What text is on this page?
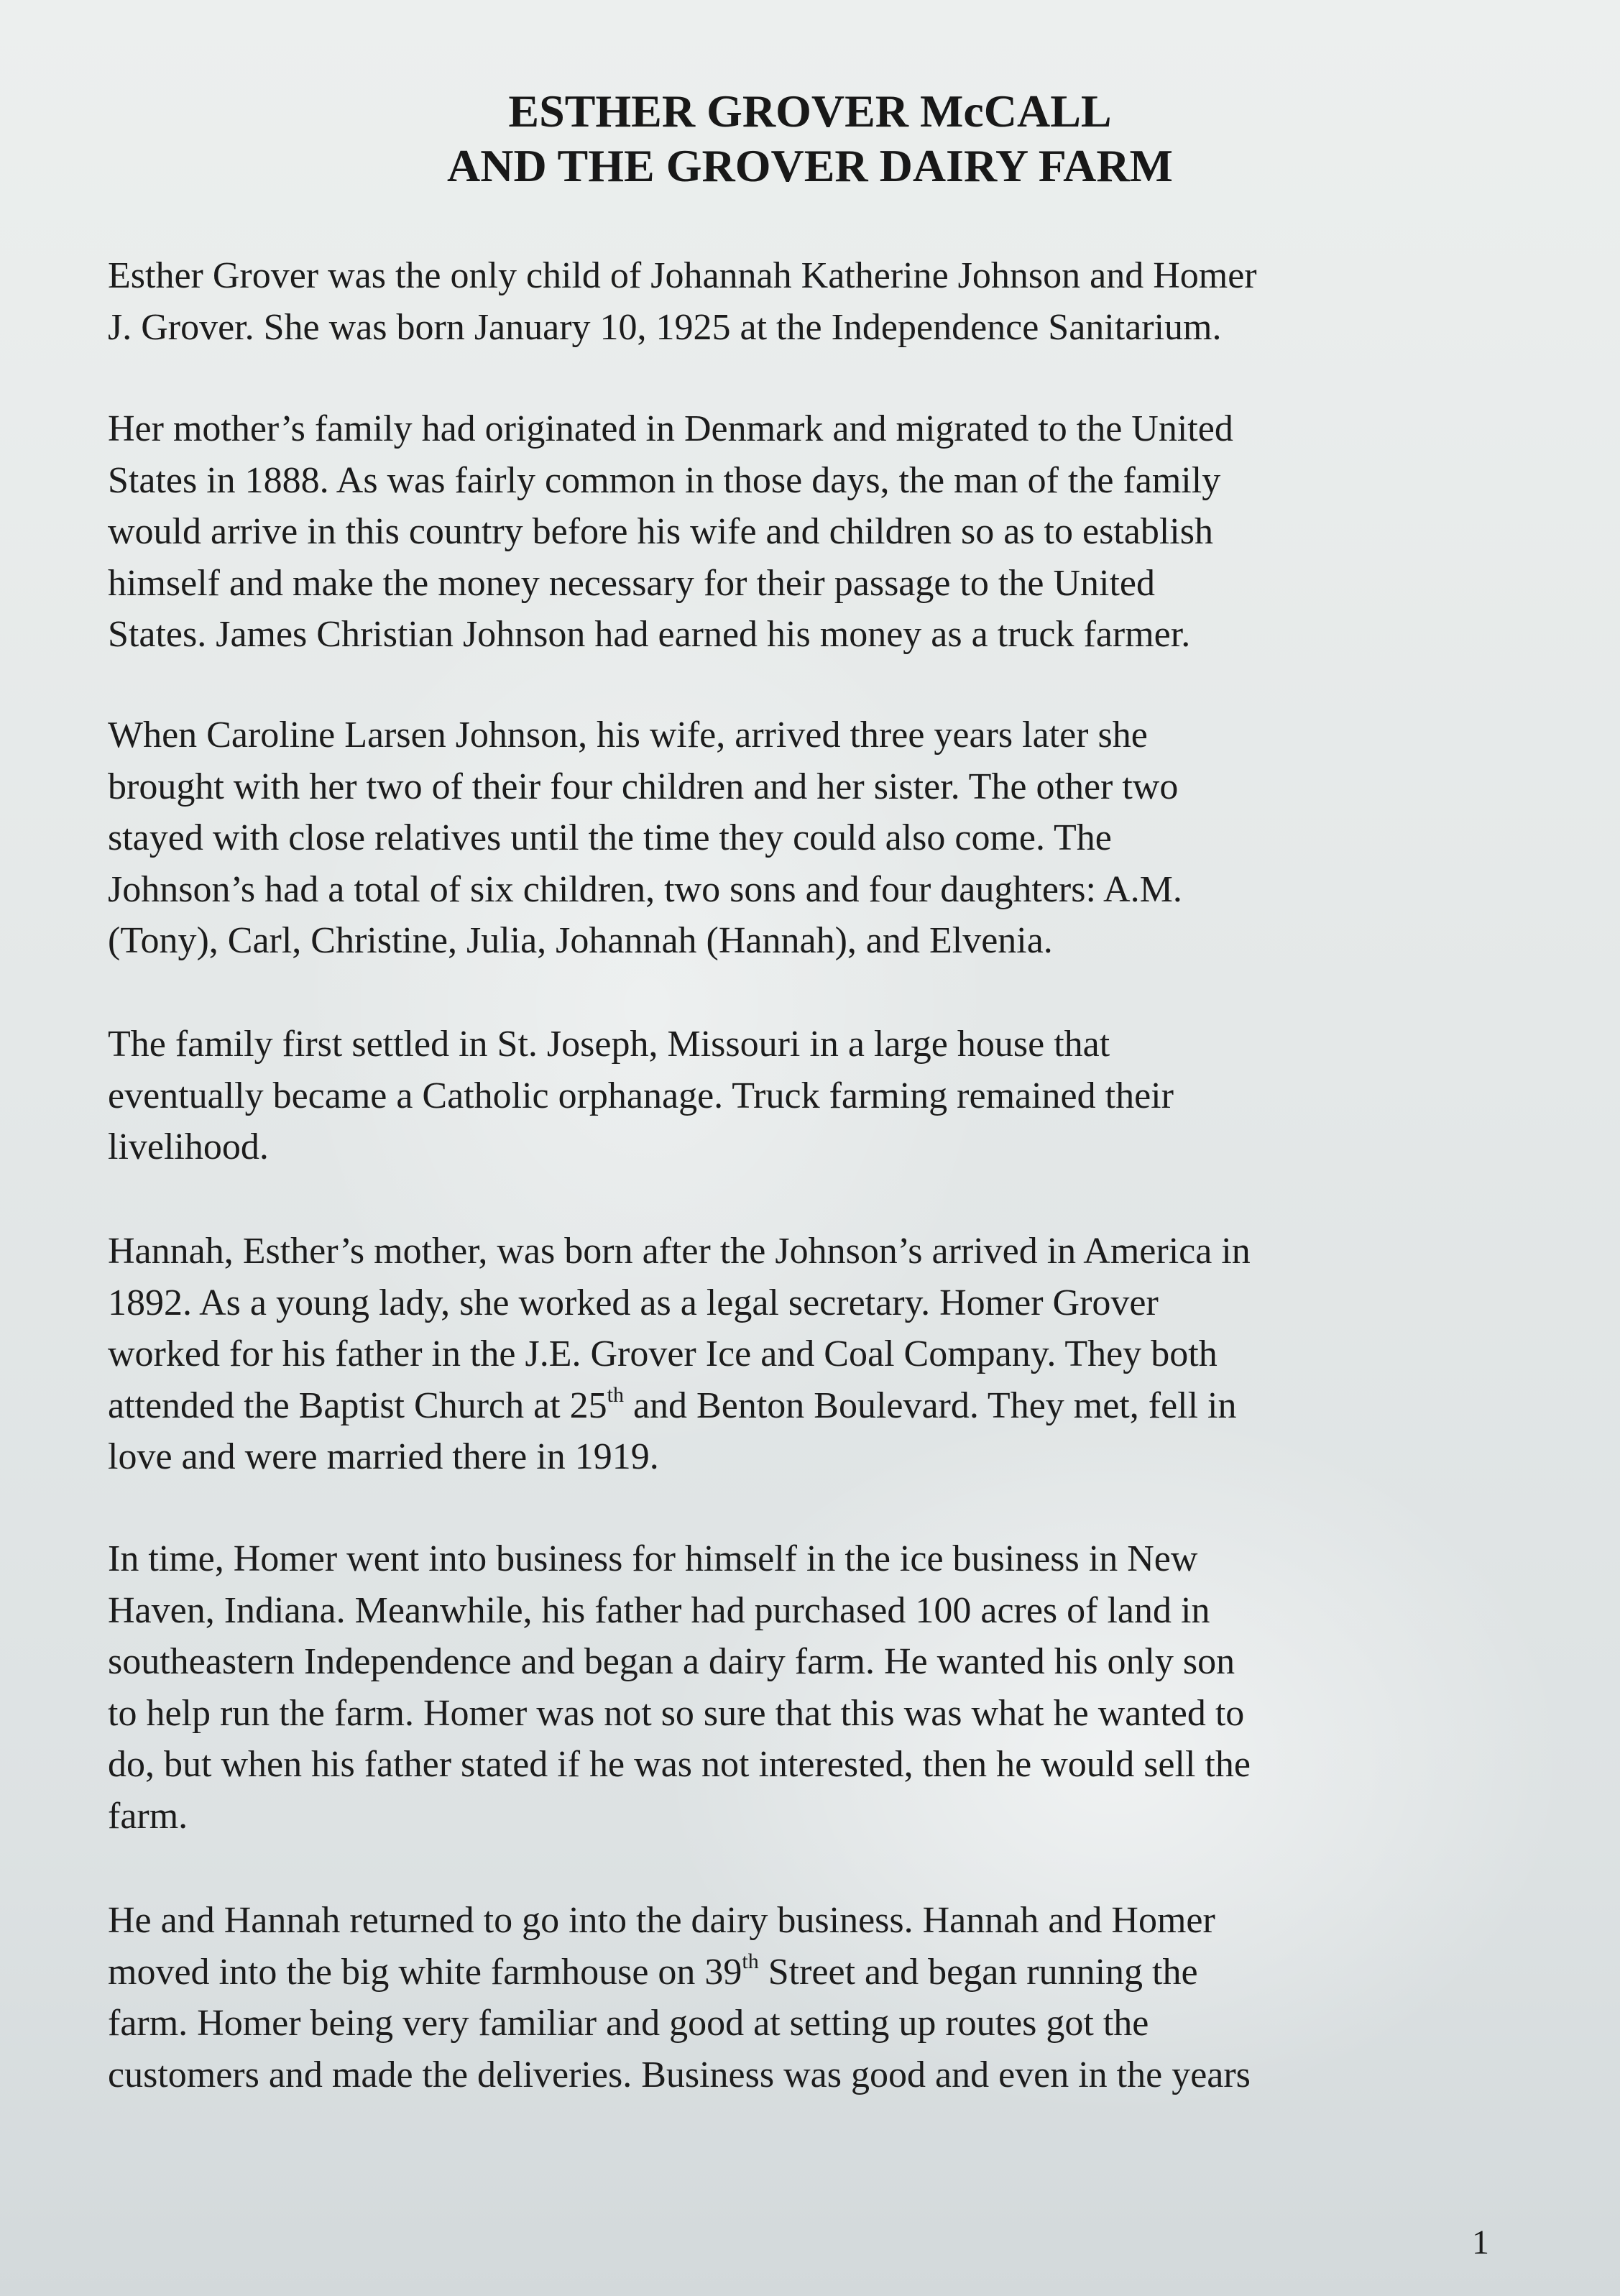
ESTHER GROVER McCALL
AND THE GROVER DAIRY FARM

Esther Grover was the only child of Johannah Katherine Johnson and Homer
J. Grover. She was born January 10, 1925 at the Independence Sanitarium.

Her mother’s family had originated in Denmark and migrated to the United
States in 1888. As was fairly common in those days, the man of the family
would arrive in this country before his wife and children so as to establish
himself and make the money necessary for their passage to the United
States. James Christian Johnson had earned his money as a truck farmer.

When Caroline Larsen Johnson, his wife, arrived three years later she
brought with her two of their four children and her sister. The other two
stayed with close relatives until the time they could also come. The
Johnson’s had a total of six children, two sons and four daughters: A.M.
(Tony), Carl, Christine, Julia, Johannah (Hannah), and Elvenia.

The family first settled in St. Joseph, Missouri in a large house that
eventually became a Catholic orphanage. Truck farming remained their
livelihood.

Hannah, Esther’s mother, was born after the Johnson’s arrived in America in
1892. As a young lady, she worked as a legal secretary. Homer Grover
worked for his father in the J.E. Grover Ice and Coal Company. They both
attended the Baptist Church at 25th and Benton Boulevard. They met, fell in
love and were married there in 1919.

In time, Homer went into business for himself in the ice business in New
Haven, Indiana. Meanwhile, his father had purchased 100 acres of land in
southeastern Independence and began a dairy farm. He wanted his only son
to help run the farm. Homer was not so sure that this was what he wanted to
do, but when his father stated if he was not interested, then he would sell the
farm.

He and Hannah returned to go into the dairy business. Hannah and Homer
moved into the big white farmhouse on 39th Street and began running the
farm. Homer being very familiar and good at setting up routes got the
customers and made the deliveries. Business was good and even in the years

1
